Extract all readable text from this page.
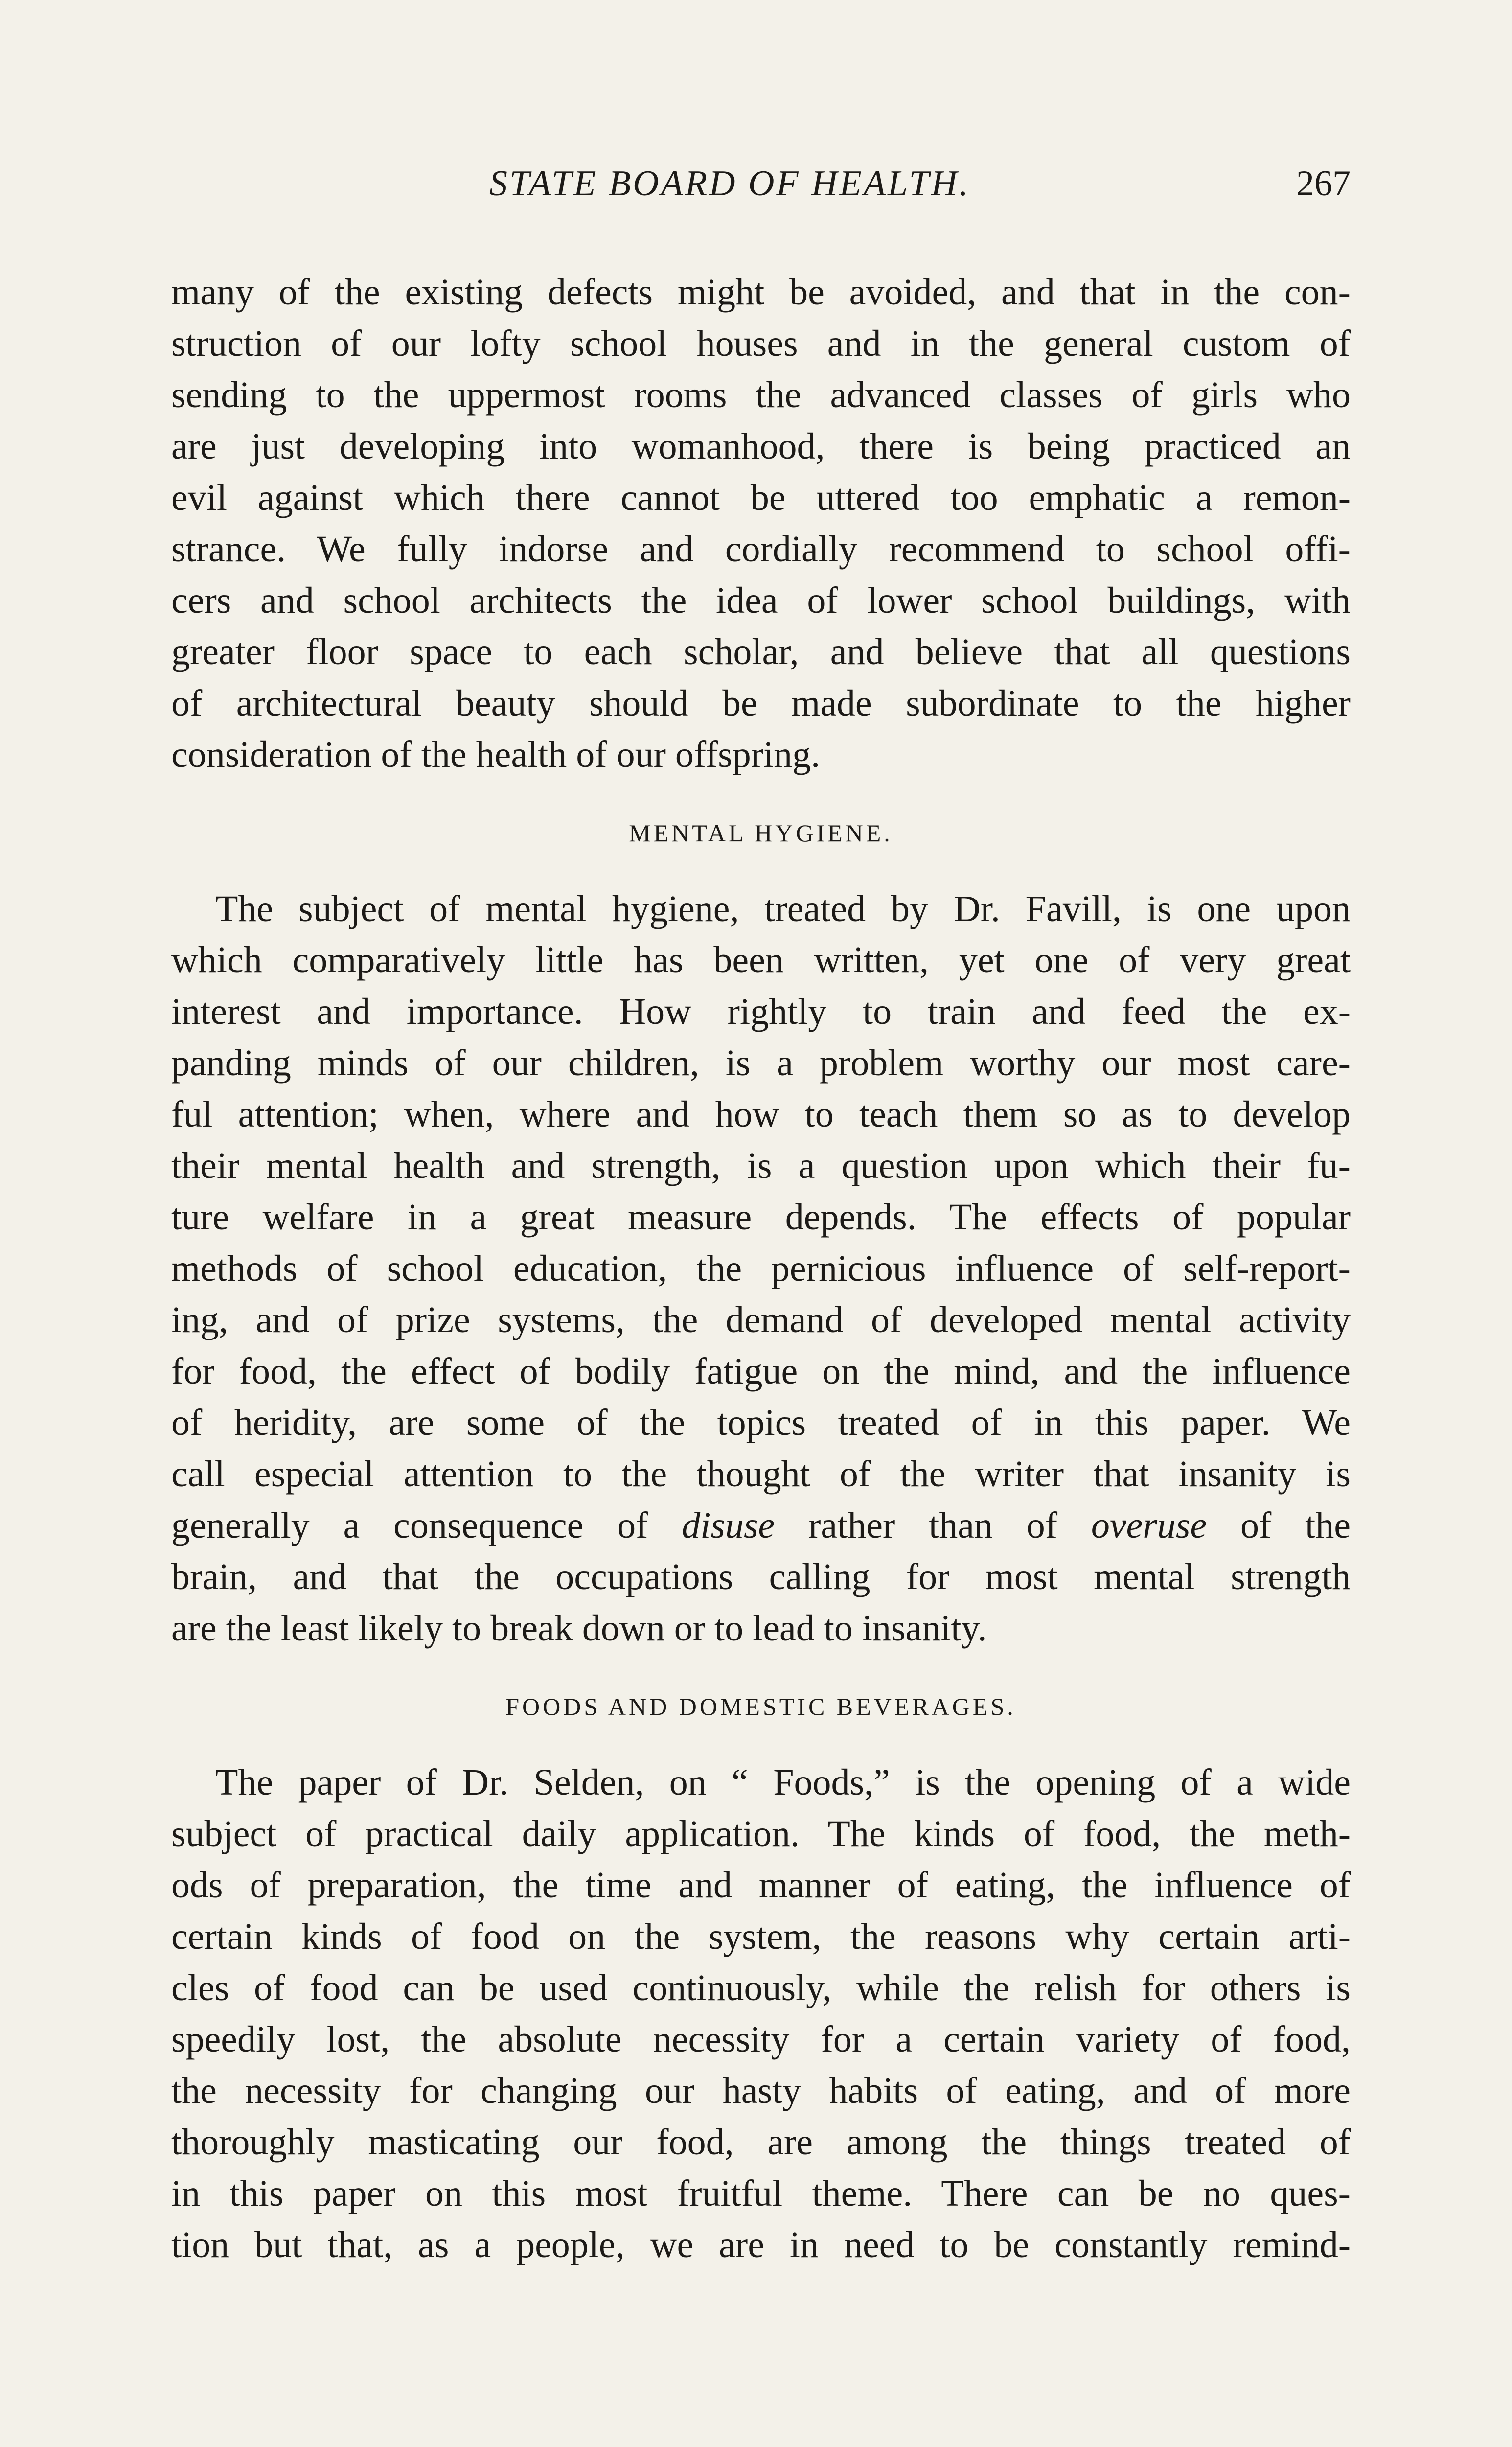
STATE BOARD OF HEALTH.	267
many of the existing defects might be avoided, and that in the con-
struction of our lofty school houses and in the general custom of
sending to the uppermost rooms the advanced classes of girls who
are just developing into womanhood, there is being practiced an
evil against which there cannot be uttered too emphatic a remon-
strance. We fully indorse and cordially recommend to school offi-
cers and school architects the idea of lower school buildings, with
greater floor space to each scholar, and believe that all questions
of architectural beauty should be made subordinate to the higher
consideration of the health of our offspring.
MENTAL HYGIENE.
The subject of mental hygiene, treated by Dr. Favill, is one upon
which comparatively little has been written, yet one of very great
interest and importance. How rightly to train and feed the ex-
panding minds of our children, is a problem worthy our most care-
ful attention; when, where and how to teach them so as to develop
their mental health and strength, is a question upon which their fu-
ture welfare in a great measure depends. The effects of popular
methods of school education, the pernicious influence of self-report-
ing, and of prize systems, the demand of developed mental activity
for food, the effect of bodily fatigue on the mind, and the influence
of heridity, are some of the topics treated of in this paper. We
call especial attention to the thought of the writer that insanity is
generally a consequence of disuse rather than of overuse of the
brain, and that the occupations calling for most mental strength
are the least likely to break down or to lead to insanity.
FOODS AND DOMESTIC BEVERAGES.
The paper of Dr. Selden, on “ Foods,” is the opening of a wide
subject of practical daily application. The kinds of food, the meth-
ods of preparation, the time and manner of eating, the influence of
certain kinds of food on the system, the reasons why certain arti-
cles of food can be used continuously, while the relish for others is
speedily lost, the absolute necessity for a certain variety of food,
the necessity for changing our hasty habits of eating, and of more
thoroughly masticating our food, are among the things treated of
in this paper on this most fruitful theme. There can be no ques-
tion but that, as a people, we are in need to be constantly remind-
